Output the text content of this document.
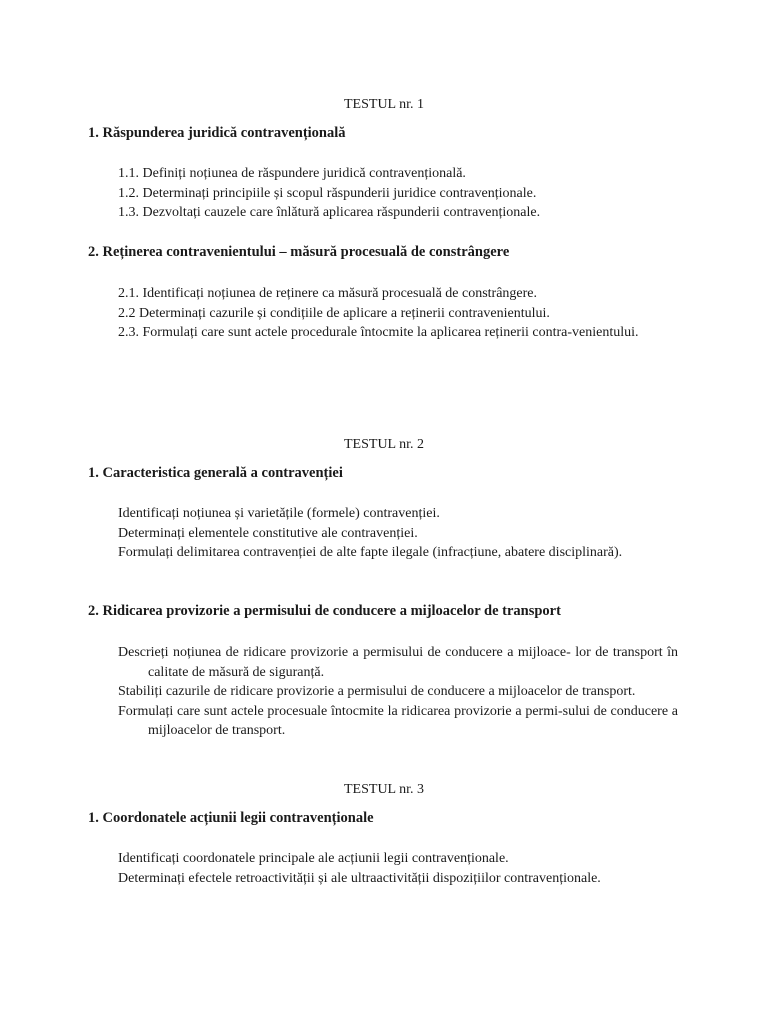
TESTUL nr. 1
1. Răspunderea juridică contravențională

1.1. Definiți noțiunea de răspundere juridică contravențională.

1.2. Determinați principiile și scopul răspunderii juridice contravenționale.

1.3. Dezvoltați cauzele care înlătură aplicarea răspunderii contravenționale.

2. Reținerea contravenientului – măsură procesuală de constrângere

2.1. Identificați noțiunea de reținere ca măsură procesuală de constrângere.

2.2 Determinați cazurile și condițiile de aplicare a reținerii contravenientului.

2.3. Formulați care sunt actele procedurale întocmite la aplicarea reținerii contra-venientului.

TESTUL nr. 2
1. Caracteristica generală a contravenției

Identificați noțiunea și varietățile (formele) contravenției.

Determinați elementele constitutive ale contravenției.

Formulați delimitarea contravenției de alte fapte ilegale (infracțiune, abatere disciplinară).

2. Ridicarea provizorie a permisului de conducere a mijloacelor de transport

Descrieți noțiunea de ridicare provizorie a permisului de conducere a mijloace- lor de transport în calitate de măsură de siguranță.

Stabiliți cazurile de ridicare provizorie a permisului de conducere a mijloacelor de transport.

Formulați care sunt actele procesuale întocmite la ridicarea provizorie a permi-sului de conducere a mijloacelor de transport.

TESTUL nr. 3
1. Coordonatele acțiunii legii contravenționale

Identificați coordonatele principale ale acțiunii legii contravenționale.

Determinați efectele retroactivității și ale ultraactivității dispozițiilor contravenționale.
